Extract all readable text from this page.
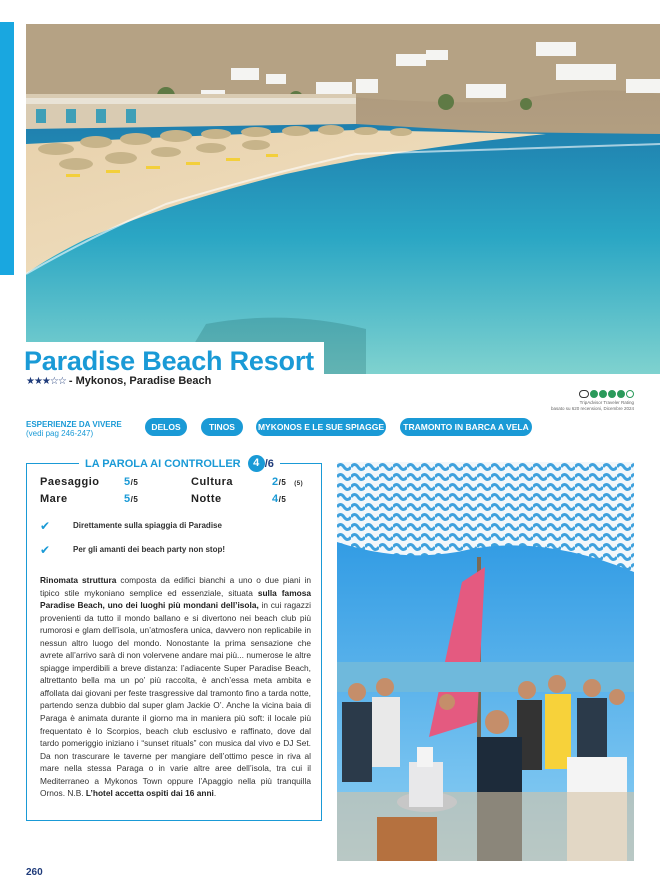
Paradise Beach Resort
★★★☆☆ - Mykonos, Paradise Beach

TripAdvisor Traveler Rating
basato su 620 recensioni, Dicembre 2024
ESPERIENZE DA VIVERE (vedi pag 246-247)
DELOS	TINOS	MYKONOS E LE SUE SPIAGGE	TRAMONTO IN BARCA A VELA
LA PAROLA AI CONTROLLER 4 /6
Paesaggio 5/5	Cultura	2/5 (5)
Mare	5/5	Notte	4/5
✔	Direttamente sulla spiaggia di Paradise
✔	Per gli amanti dei beach party non stop!
Rinomata struttura composta da edifici bianchi a uno o due piani in tipico stile mykoniano semplice ed essenziale, situata sulla famosa Paradise Beach, uno dei luoghi più mondani dell’isola, in cui ragazzi provenienti da tutto il mondo ballano e si divertono nei beach club più rumorosi e glam dell’isola, un’atmosfera unica, davvero non replicabile in nessun altro luogo del mondo. Nonostante la prima sensazione che avrete all’arrivo sarà di non volervene andare mai più... numerose le altre spiagge imperdibili a breve distanza: l’adiacente Super Paradise Beach, altrettanto bella ma un po’ più raccolta, è anch’essa meta ambita e affollata dai giovani per feste trasgressive dal tramonto fino a tarda notte, partendo senza dubbio dal super glam Jackie O’. Anche la vicina baia di Paraga è animata durante il giorno ma in maniera più soft: il locale più frequentato è lo Scorpios, beach club esclusivo e raffinato, dove dal tardo pomeriggio iniziano i “sunset rituals” con musica dal vivo e DJ Set. Da non trascurare le taverne per mangiare dell’ottimo pesce in riva al mare nella stessa Paraga o in varie altre aree dell’isola, tra cui il Mediterraneo a Mykonos Town oppure l’Apaggio nella più tranquilla Ornos. N.B. L’hotel accetta ospiti dai 16 anni.
260
